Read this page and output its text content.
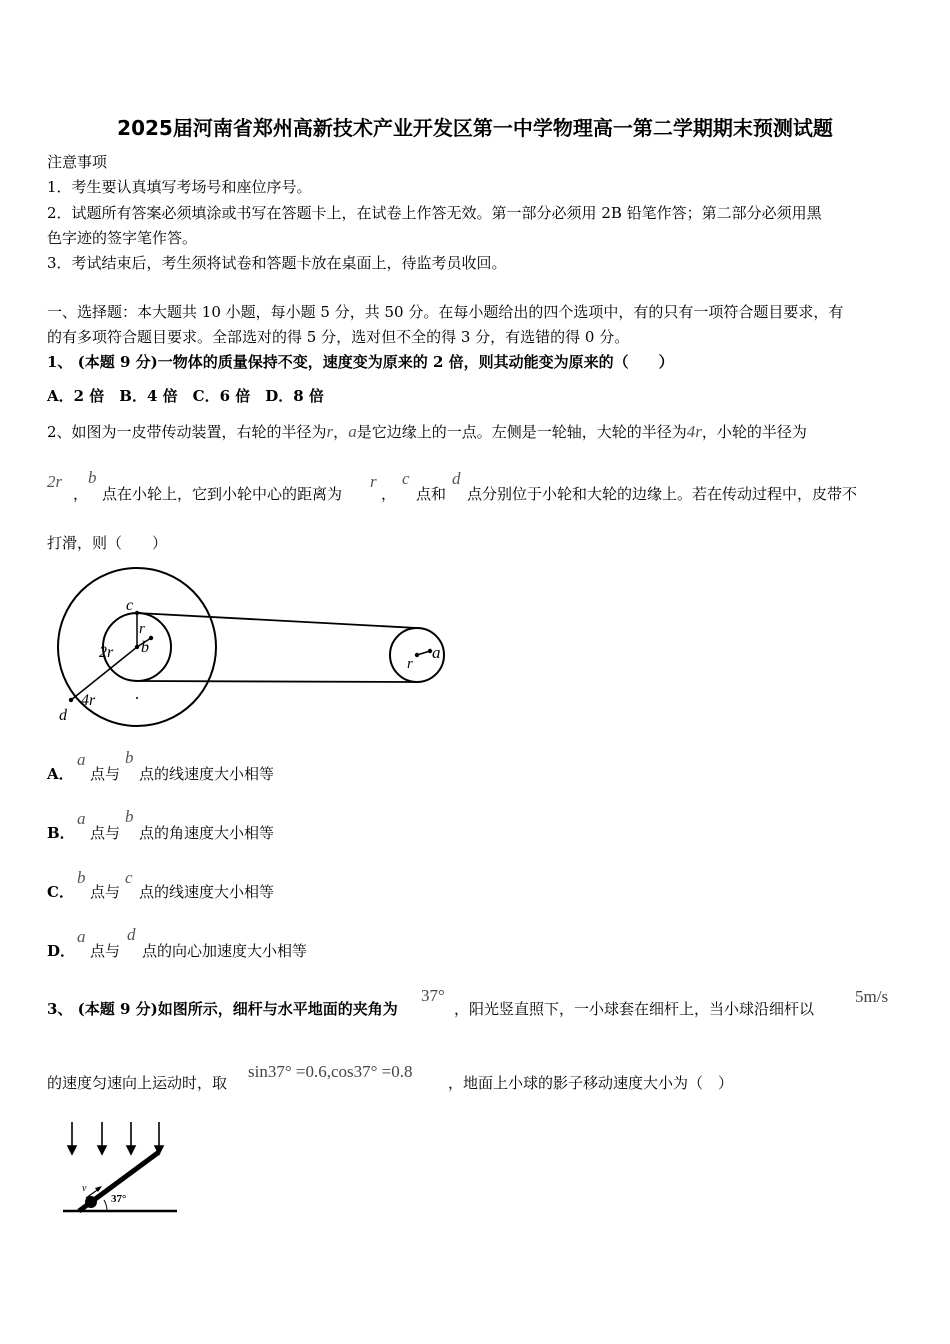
2025届河南省郑州高新技术产业开发区第一中学物理高一第二学期期末预测试题
注意事项
1．考生要认真填写考场号和座位序号。
2．试题所有答案必须填涂或书写在答题卡上，在试卷上作答无效。第一部分必须用 2B 铅笔作答；第二部分必须用黑
色字迹的签字笔作答。
3．考试结束后，考生须将试卷和答题卡放在桌面上，待监考员收回。
一、选择题：本大题共 10 小题，每小题 5 分，共 50 分。在每小题给出的四个选项中，有的只有一项符合题目要求，有
的有多项符合题目要求。全部选对的得 5 分，选对但不全的得 3 分，有选错的得 0 分。
1、 (本题 9 分)一物体的质量保持不变，速度变为原来的 2 倍，则其动能变为原来的（　　）
A．2 倍　B．4 倍　C．6 倍　D．8 倍
2、如图为一皮带传动装置，右轮的半径为r，a是它边缘上的一点。左侧是一轮轴，大轮的半径为4r，小轮的半径为
2r
，
b
点在小轮上，它到小轮中心的距离为
r
，
c
点和
d
点分别位于小轮和大轮的边缘上。若在传动过程中，皮带不
打滑，则（　　）
c
r
2r b
4r
d
a
r
A．
a
点与
b
点的线速度大小相等
B．
a
点与
b
点的角速度大小相等
C．
b
点与
c
点的线速度大小相等
D．
a
点与
d
点的向心加速度大小相等
3、 (本题 9 分)如图所示，细杆与水平地面的夹角为
37°
，阳光竖直照下，一小球套在细杆上，当小球沿细杆以
5m/s
的速度匀速向上运动时，取
sin37° =0.6,cos37° =0.8
，地面上小球的影子移动速度大小为（　）
v
37°
